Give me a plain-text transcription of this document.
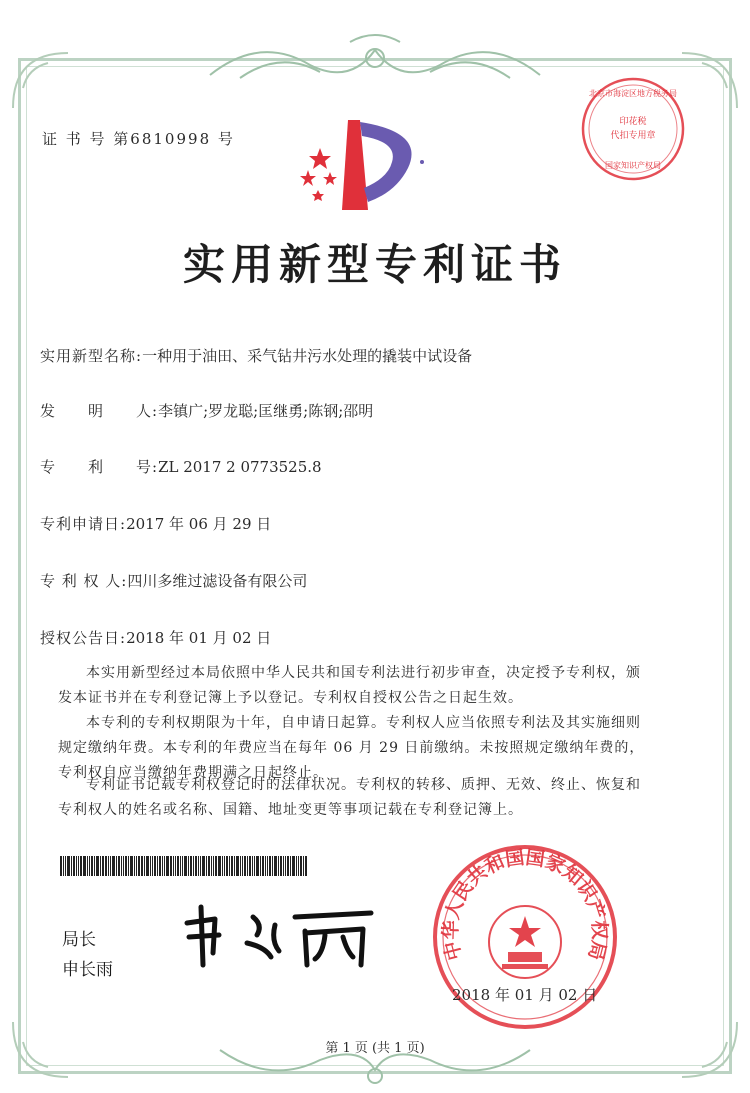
证 书 号 第6810998 号
北京市海淀区地方税务局
印花税
代扣专用章
国家知识产权局
实用新型专利证书
实用新型名称:一种用于油田、采气钻井污水处理的撬装中试设备
发　　明　　人:李镇广;罗龙聪;匡继勇;陈钢;邵明
专　　利　　号:ZL 2017 2 0773525.8
专利申请日:2017 年 06 月 29 日
专 利 权 人:四川多维过滤设备有限公司
授权公告日:2018 年 01 月 02 日

本实用新型经过本局依照中华人民共和国专利法进行初步审查，决定授予专利权，颁发本证书并在专利登记簿上予以登记。专利权自授权公告之日起生效。

本专利的专利权期限为十年，自申请日起算。专利权人应当依照专利法及其实施细则规定缴纳年费。本专利的年费应当在每年 06 月 29 日前缴纳。未按照规定缴纳年费的，专利权自应当缴纳年费期满之日起终止。

专利证书记载专利权登记时的法律状况。专利权的转移、质押、无效、终止、恢复和专利权人的姓名或名称、国籍、地址变更等事项记载在专利登记簿上。

局长
申长雨
中华人民共和国国家知识产权局
2018 年 01 月 02 日
第 1 页 (共 1 页)
